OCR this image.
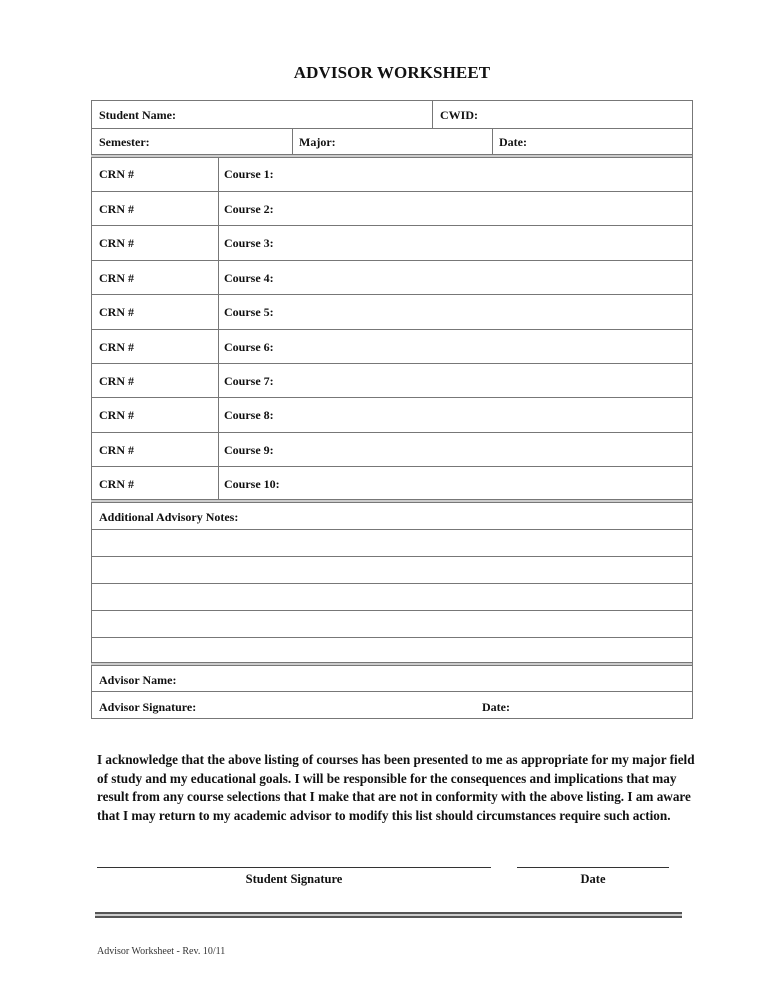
ADVISOR WORKSHEET
Student Name:	CWID:
Semester:	Major:	Date:
CRN #	Course 1:
CRN #	Course 2:
CRN #	Course 3:
CRN #	Course 4:
CRN #	Course 5:
CRN #	Course 6:
CRN #	Course 7:
CRN #	Course 8:
CRN #	Course 9:
CRN #	Course 10:
Additional Advisory Notes:
Advisor Name:
Advisor Signature:	Date:
I acknowledge that the above listing of courses has been presented to me as appropriate for my major field of study and my educational goals. I will be responsible for the consequences and implications that may result from any course selections that I make that are not in conformity with the above listing. I am aware that I may return to my academic advisor to modify this list should circumstances require such action.
Student Signature	Date
Advisor Worksheet - Rev. 10/11
